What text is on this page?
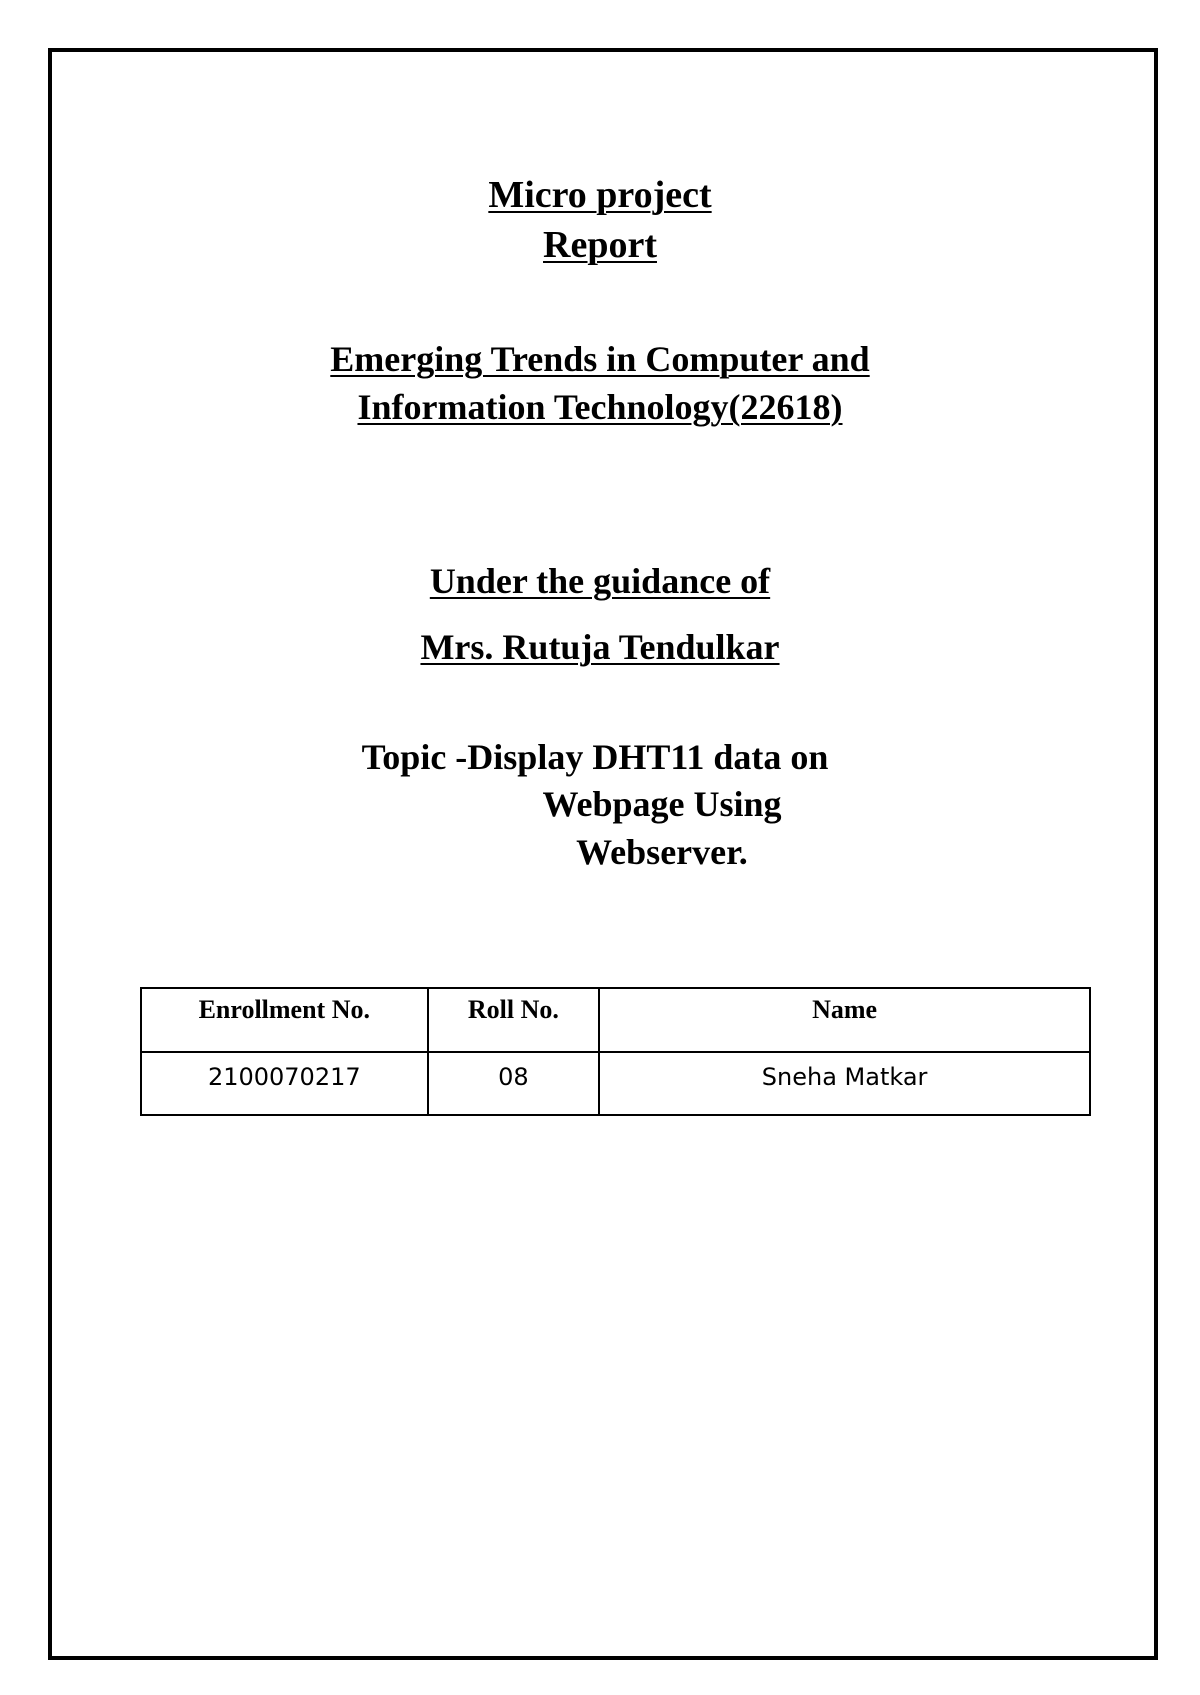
Micro project
Report
Emerging Trends in Computer and
Information Technology(22618)
Under the guidance of
Mrs. Rutuja Tendulkar
Topic -Display DHT11 data on
Webpage Using
Webserver.
Enrollment No.	Roll No.	Name
2100070217	08	Sneha Matkar
